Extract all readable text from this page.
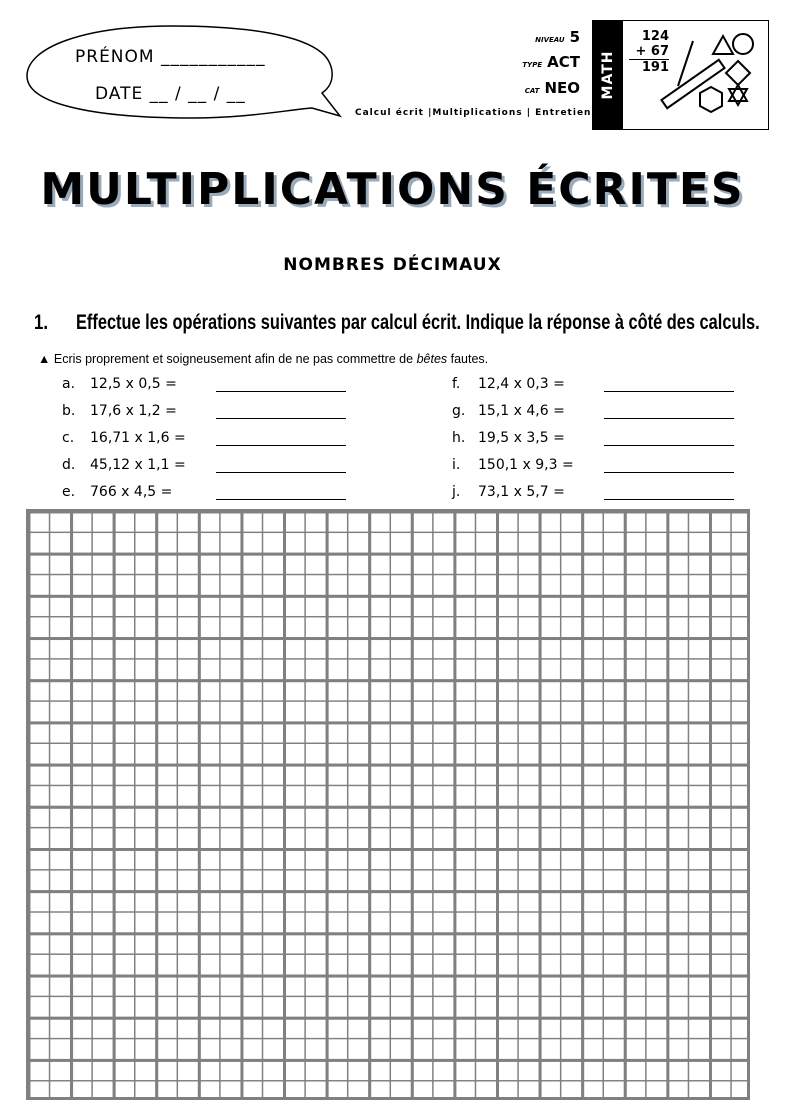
PRÉNOM ___________
DATE __ / __ / __
NIVEAU 5
TYPE ACT
CAT NEO
Calcul écrit |Multiplications | Entretien
MATH
124
+ 67
191
MULTIPLICATIONS ÉCRITES
NOMBRES DÉCIMAUX
1. Effectue les opérations suivantes par calcul écrit. Indique la réponse à côté des calculs.
▲ Ecris proprement et soigneusement afin de ne pas commettre de bêtes fautes.
a. 12,5 x 0,5 =
b. 17,6 x 1,2 =
c. 16,71 x 1,6 =
d. 45,12 x 1,1 =
e. 766 x 4,5 =
f. 12,4 x 0,3 =
g. 15,1 x 4,6 =
h. 19,5 x 3,5 =
i. 150,1 x 9,3 =
j. 73,1 x 5,7 =
